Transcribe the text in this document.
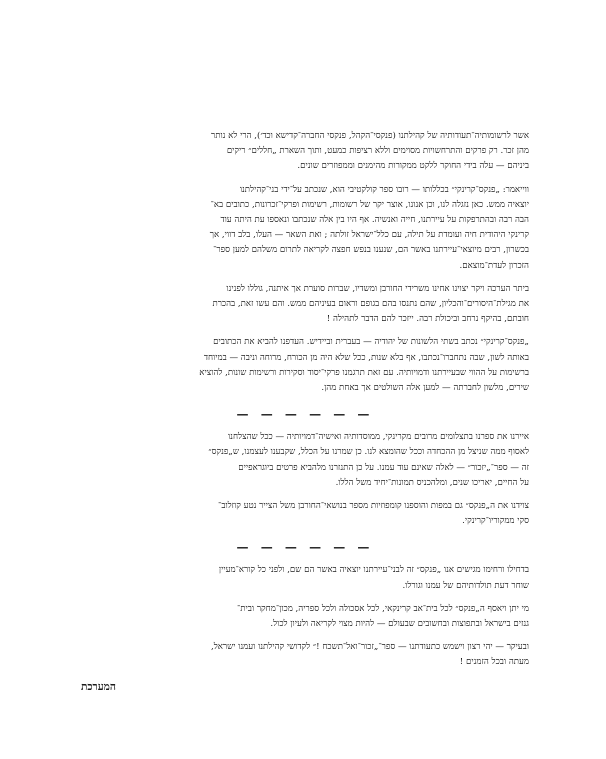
אשר לרשומותיה־תעודותיה של קהילתנו (פנקסי־הקהל, פנקסי החברה־קדישא וכד׳), הרי לא נותר
מהן זכר. רק פרקים והתרחשויות מסוימים וללא רציפות כמעט, ותוך השארת „חללים״ ריקים
ביניהם — עלה בידי החוקר ללקט ממקורות מהימנים וממפוזרים שונים.

ווייאמר: „פנקס־קרינקי״ בכללותו — רובו ספר קולקטיבי הוא, שנכתב על־ידי בני־קהילתנו
יוצאיה ממש. כאן נזגלה לנו, וכן אנונו, אוצר יקר של רשומות, רשימות ופרקי־זכרונות, כתובים בא־
הבה רבה ובהתרפקות על עיירתנו, חייה ואנשיה. אף היו בין אלה שנכתבו ונאספו עת היתה עוד
קרינקי היהודית חיה ועומדת על תילה, עם כלל־ישראל זולתה ; ואת השאר — העלו, בלב דווי, אך
בכשרון, רבים מיוצאי־עיירתנו באשר הם, שנענו בנפש חפצה לקריאה לתרום משלהם למען ספר־
הזכרון לעדת־מוצאם.

ביתר הערכה ויקר יצוינו אחינו משרידי החורבן ומשדיו, שברות סוערת אך איתנה, גוללו לפנינו
את מגילת־היסורים־והכליון, שהם נתנסו בהם בגופם וראום בעיניהם ממש. והם עשו זאת, בהכרת
חובתם, בהיקף נרחב וביכולת רבה. ייזכר להם הדבר לתהילה !

„פנקס־קרינקי״ נכתב בשתי הלשונות של יהודיה — בעברית וביידיש. העדפנו להביא את הכתובים
באותה לשון, שבה נתחברו־נכתבו, אף בלא שנות, ככל שלא היה מן הכורח, מרוחה וניבה — במיוחד
ברשימות על ההווי שבעיירתנו ודמויותיה. עם זאת תרגמנו פרקי־יסוד וסקירות ורשימות שונות, להוציא
שירים, מלשון לחברתה — למען אלה השולטים אך באחת מהן.

— — — — — —

איירנו את ספרנו בתצלומים מרובים מקרינקי, ממוסדותיה ואישיה־דמויותיה — ככל שהצלחנו
לאסוף ממה שניצל מן ההכחדה וככל שהומצא לנו. כן שמרנו על הכלל, שקבענו לעצמנו, ש„פנקס״
זה — ספר־„יזכור״ — לאלה שאינם עוד עמנו. על כן התנזרנו מלהביא פרטים ביוגראפיים
על החיים, יאריכו שנים, ומלהכניס תמונות־יחיד משל הללו.

צוידנו את ה„פנקס״ גם במפות והוספנו קומפוזיות מספר בנושאי־החורבן משל הצייר נטע קוזלוב־
סקי ממקוריו־קרינקי.

— — — — — —

בדחילו ורחימו מגישים אנו „פנקס״ זה לבני־עיירתנו יוצאיה באשר הם שם, ולפני כל קורא־מעיין
שוחר דעת תולדותיהם של עמנו וגורלו.

מי יתן ויאסף ה„פנקס״ לכל בית־אב קרינקאי, לכל אסכולה ולכל ספריה, מכון־מחקר ובית־
גנזים בישראל ובתפוצות ובחשובים שבעולם — להיות מצוי לקריאה ולעיון לכול.

ובעיקר — יהי רצון וישמש כתעודתנו — ספר־„זכור־ואל־תשכח !״ לקדושי קהילתנו ועמנו ישראל,
מעתה ובכל הזמנים !

המערכת
